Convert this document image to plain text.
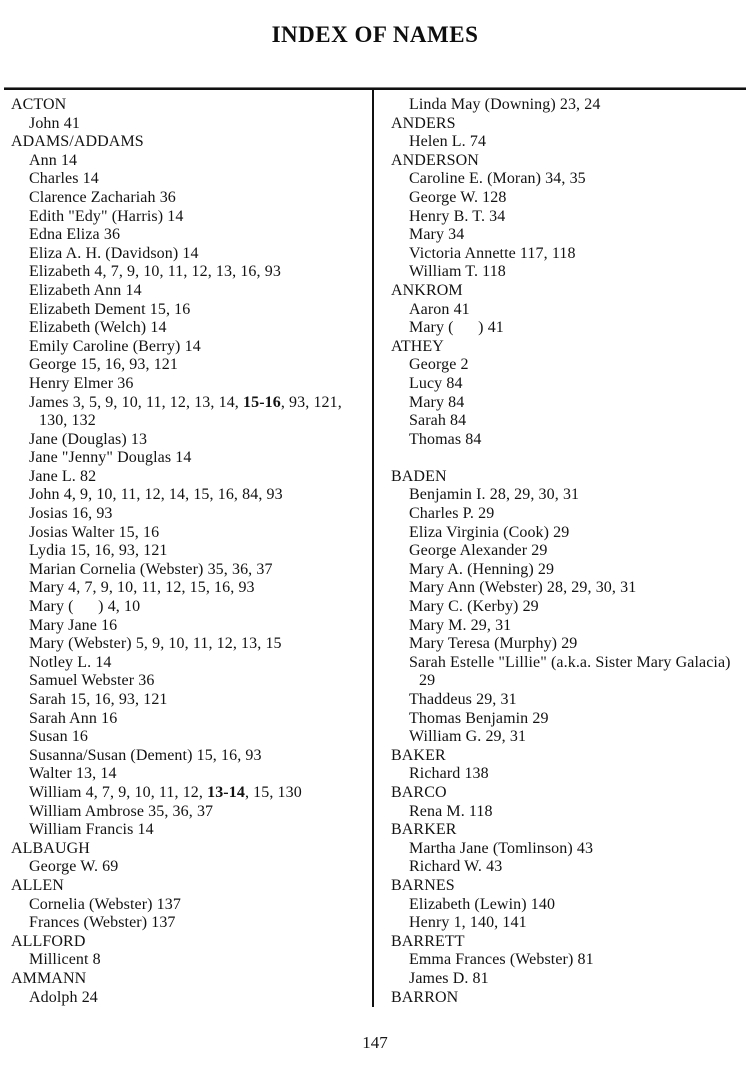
INDEX OF NAMES
ACTON
John 41
ADAMS/ADDAMS
Ann 14
Charles 14
Clarence Zachariah 36
Edith "Edy" (Harris) 14
Edna Eliza 36
Eliza A. H. (Davidson) 14
Elizabeth 4, 7, 9, 10, 11, 12, 13, 16, 93
Elizabeth Ann 14
Elizabeth Dement 15, 16
Elizabeth (Welch) 14
Emily Caroline (Berry) 14
George 15, 16, 93, 121
Henry Elmer 36
James 3, 5, 9, 10, 11, 12, 13, 14, 15-16, 93, 121,
130, 132
Jane (Douglas) 13
Jane "Jenny" Douglas 14
Jane L. 82
John 4, 9, 10, 11, 12, 14, 15, 16, 84, 93
Josias 16, 93
Josias Walter 15, 16
Lydia 15, 16, 93, 121
Marian Cornelia (Webster) 35, 36, 37
Mary 4, 7, 9, 10, 11, 12, 15, 16, 93
Mary (      ) 4, 10
Mary Jane 16
Mary (Webster) 5, 9, 10, 11, 12, 13, 15
Notley L. 14
Samuel Webster 36
Sarah 15, 16, 93, 121
Sarah Ann 16
Susan 16
Susanna/Susan (Dement) 15, 16, 93
Walter 13, 14
William 4, 7, 9, 10, 11, 12, 13-14, 15, 130
William Ambrose 35, 36, 37
William Francis 14
ALBAUGH
George W. 69
ALLEN
Cornelia (Webster) 137
Frances (Webster) 137
ALLFORD
Millicent 8
AMMANN
Adolph 24
Linda May (Downing) 23, 24
ANDERS
Helen L. 74
ANDERSON
Caroline E. (Moran) 34, 35
George W. 128
Henry B. T. 34
Mary 34
Victoria Annette 117, 118
William T. 118
ANKROM
Aaron 41
Mary (      ) 41
ATHEY
George 2
Lucy 84
Mary 84
Sarah 84
Thomas 84

BADEN
Benjamin I. 28, 29, 30, 31
Charles P. 29
Eliza Virginia (Cook) 29
George Alexander 29
Mary A. (Henning) 29
Mary Ann (Webster) 28, 29, 30, 31
Mary C. (Kerby) 29
Mary M. 29, 31
Mary Teresa (Murphy) 29
Sarah Estelle "Lillie" (a.k.a. Sister Mary Galacia)
29
Thaddeus 29, 31
Thomas Benjamin 29
William G. 29, 31
BAKER
Richard 138
BARCO
Rena M. 118
BARKER
Martha Jane (Tomlinson) 43
Richard W. 43
BARNES
Elizabeth (Lewin) 140
Henry 1, 140, 141
BARRETT
Emma Frances (Webster) 81
James D. 81
BARRON
147
